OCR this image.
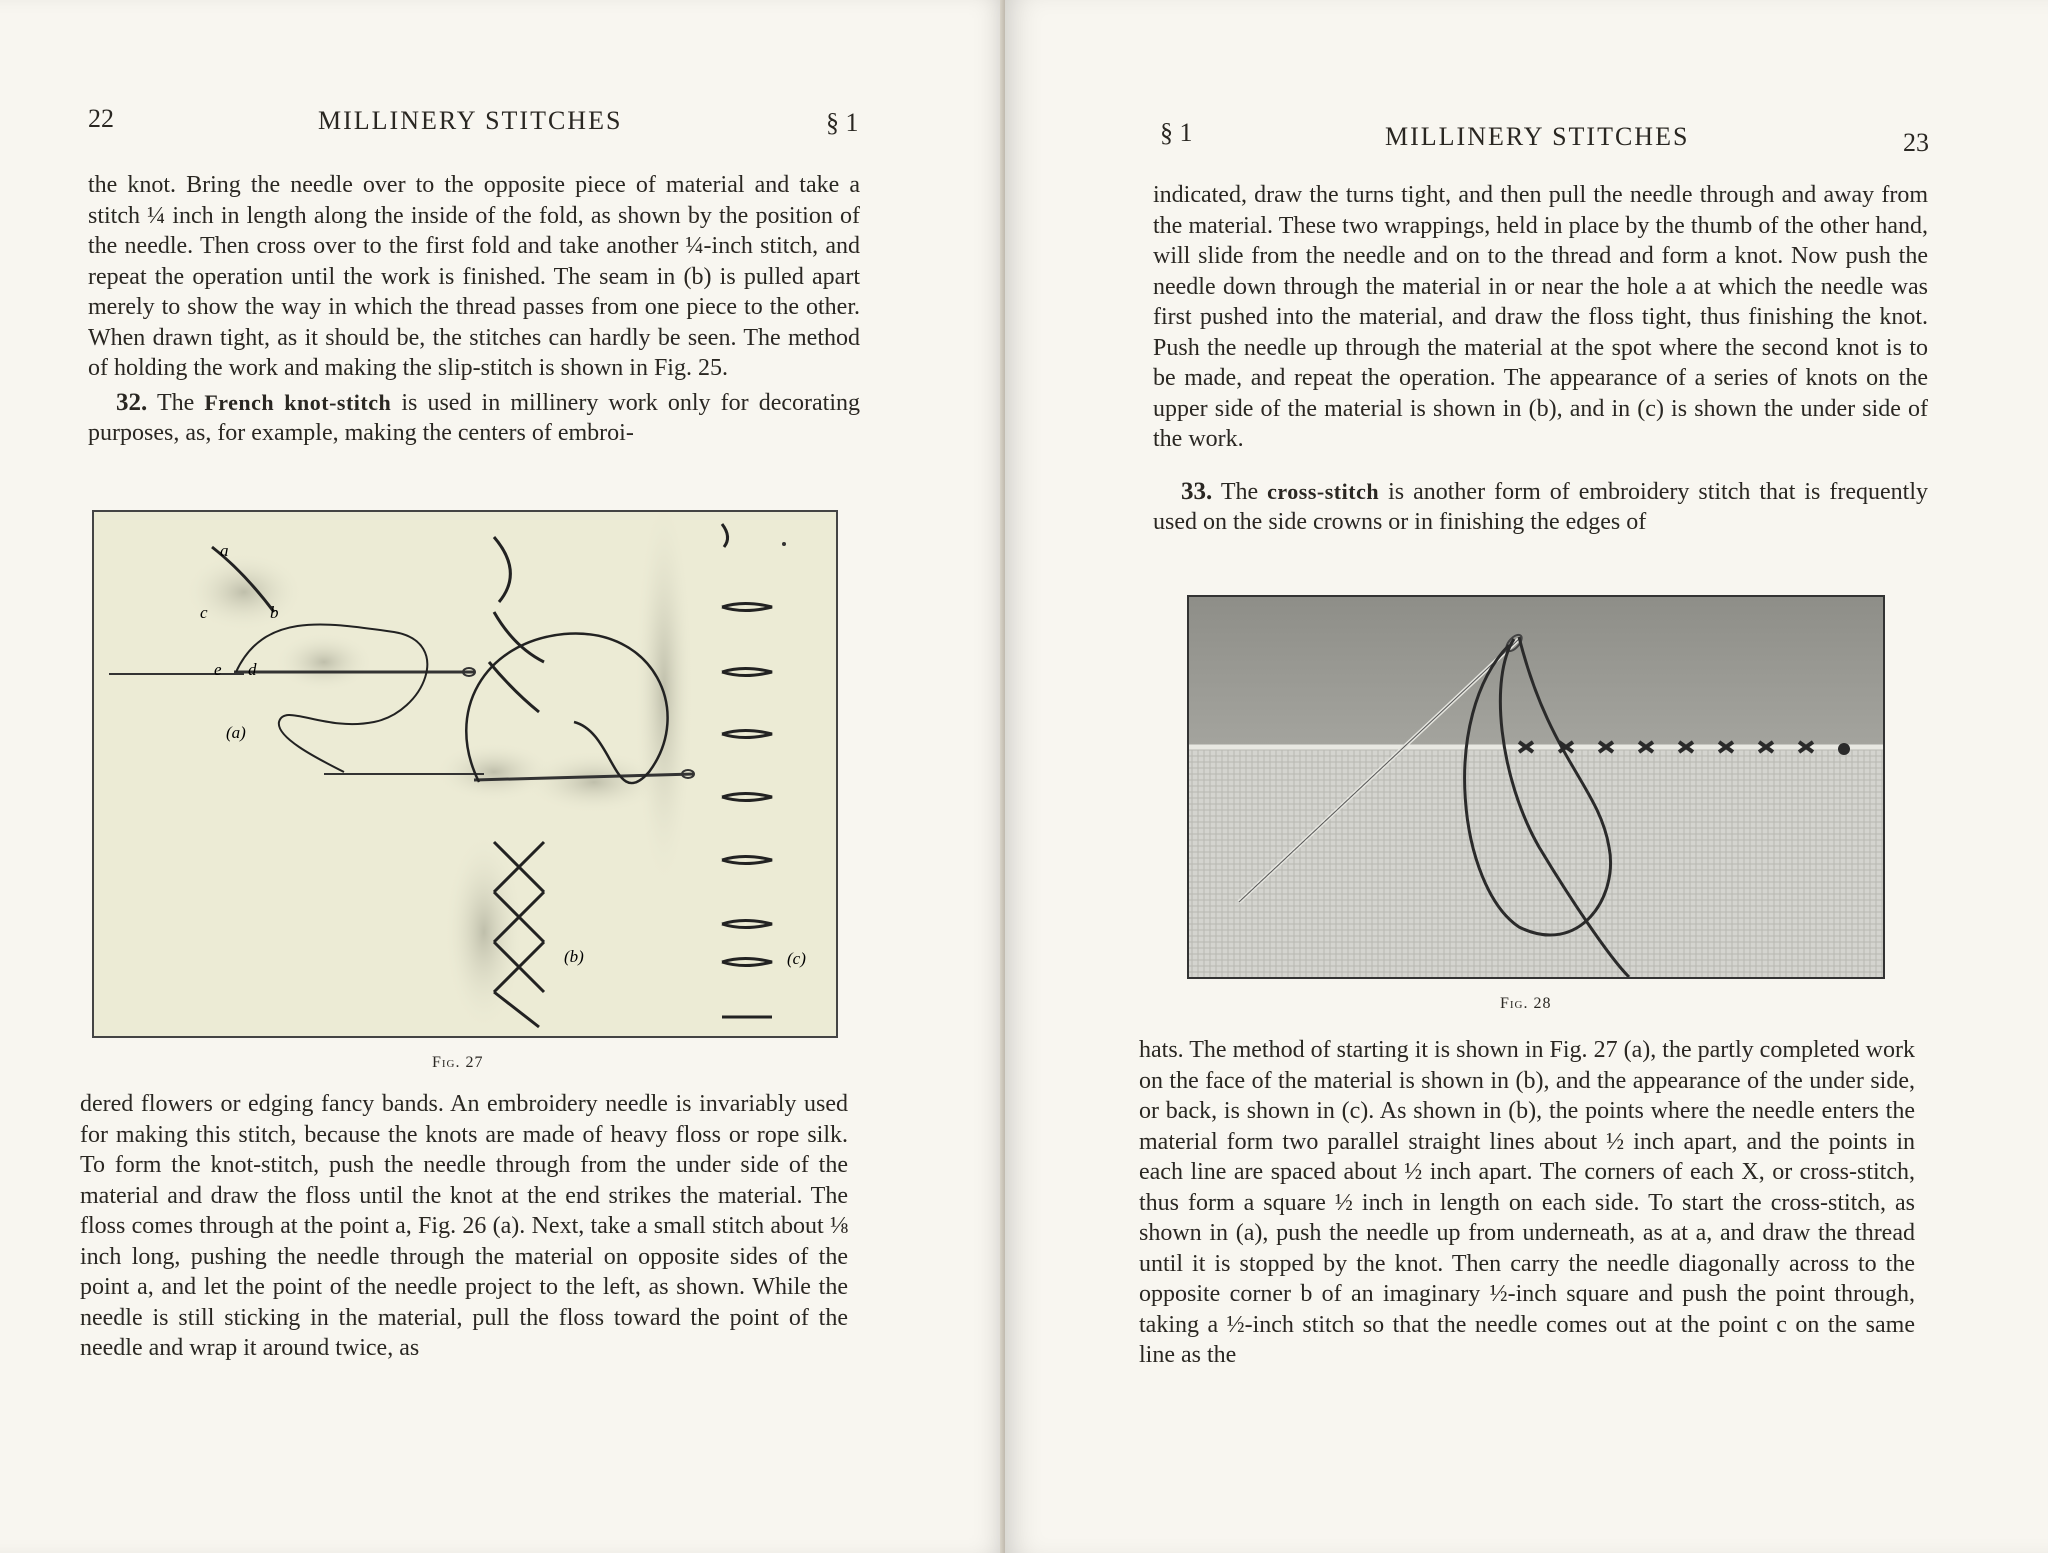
22	MILLINERY STITCHES	§ 1

the knot. Bring the needle over to the opposite piece of material and take a stitch ¼ inch in length along the inside of the fold, as shown by the position of the needle. Then cross over to the first fold and take another ¼-inch stitch, and repeat the operation until the work is finished. The seam in (b) is pulled apart merely to show the way in which the thread passes from one piece to the other. When drawn tight, as it should be, the stitches can hardly be seen. The method of holding the work and making the slip-stitch is shown in Fig. 25.

32. The French knot-stitch is used in millinery work only for decorating purposes, as, for example, making the centers of embroi-

a
c	b
e d
(a)
(b)	(c)
Fig. 27

dered flowers or edging fancy bands. An embroidery needle is invariably used for making this stitch, because the knots are made of heavy floss or rope silk. To form the knot-stitch, push the needle through from the under side of the material and draw the floss until the knot at the end strikes the material. The floss comes through at the point a, Fig. 26 (a). Next, take a small stitch about ⅛ inch long, pushing the needle through the material on opposite sides of the point a, and let the point of the needle project to the left, as shown. While the needle is still sticking in the material, pull the floss toward the point of the needle and wrap it around twice, as

§ 1	MILLINERY STITCHES	23

indicated, draw the turns tight, and then pull the needle through and away from the material. These two wrappings, held in place by the thumb of the other hand, will slide from the needle and on to the thread and form a knot. Now push the needle down through the material in or near the hole a at which the needle was first pushed into the material, and draw the floss tight, thus finishing the knot. Push the needle up through the material at the spot where the second knot is to be made, and repeat the operation. The appearance of a series of knots on the upper side of the material is shown in (b), and in (c) is shown the under side of the work.

33. The cross-stitch is another form of embroidery stitch that is frequently used on the side crowns or in finishing the edges of

Fig. 28

hats. The method of starting it is shown in Fig. 27 (a), the partly completed work on the face of the material is shown in (b), and the appearance of the under side, or back, is shown in (c). As shown in (b), the points where the needle enters the material form two parallel straight lines about ½ inch apart, and the points in each line are spaced about ½ inch apart. The corners of each X, or cross-stitch, thus form a square ½ inch in length on each side. To start the cross-stitch, as shown in (a), push the needle up from underneath, as at a, and draw the thread until it is stopped by the knot. Then carry the needle diagonally across to the opposite corner b of an imaginary ½-inch square and push the point through, taking a ½-inch stitch so that the needle comes out at the point c on the same line as the
